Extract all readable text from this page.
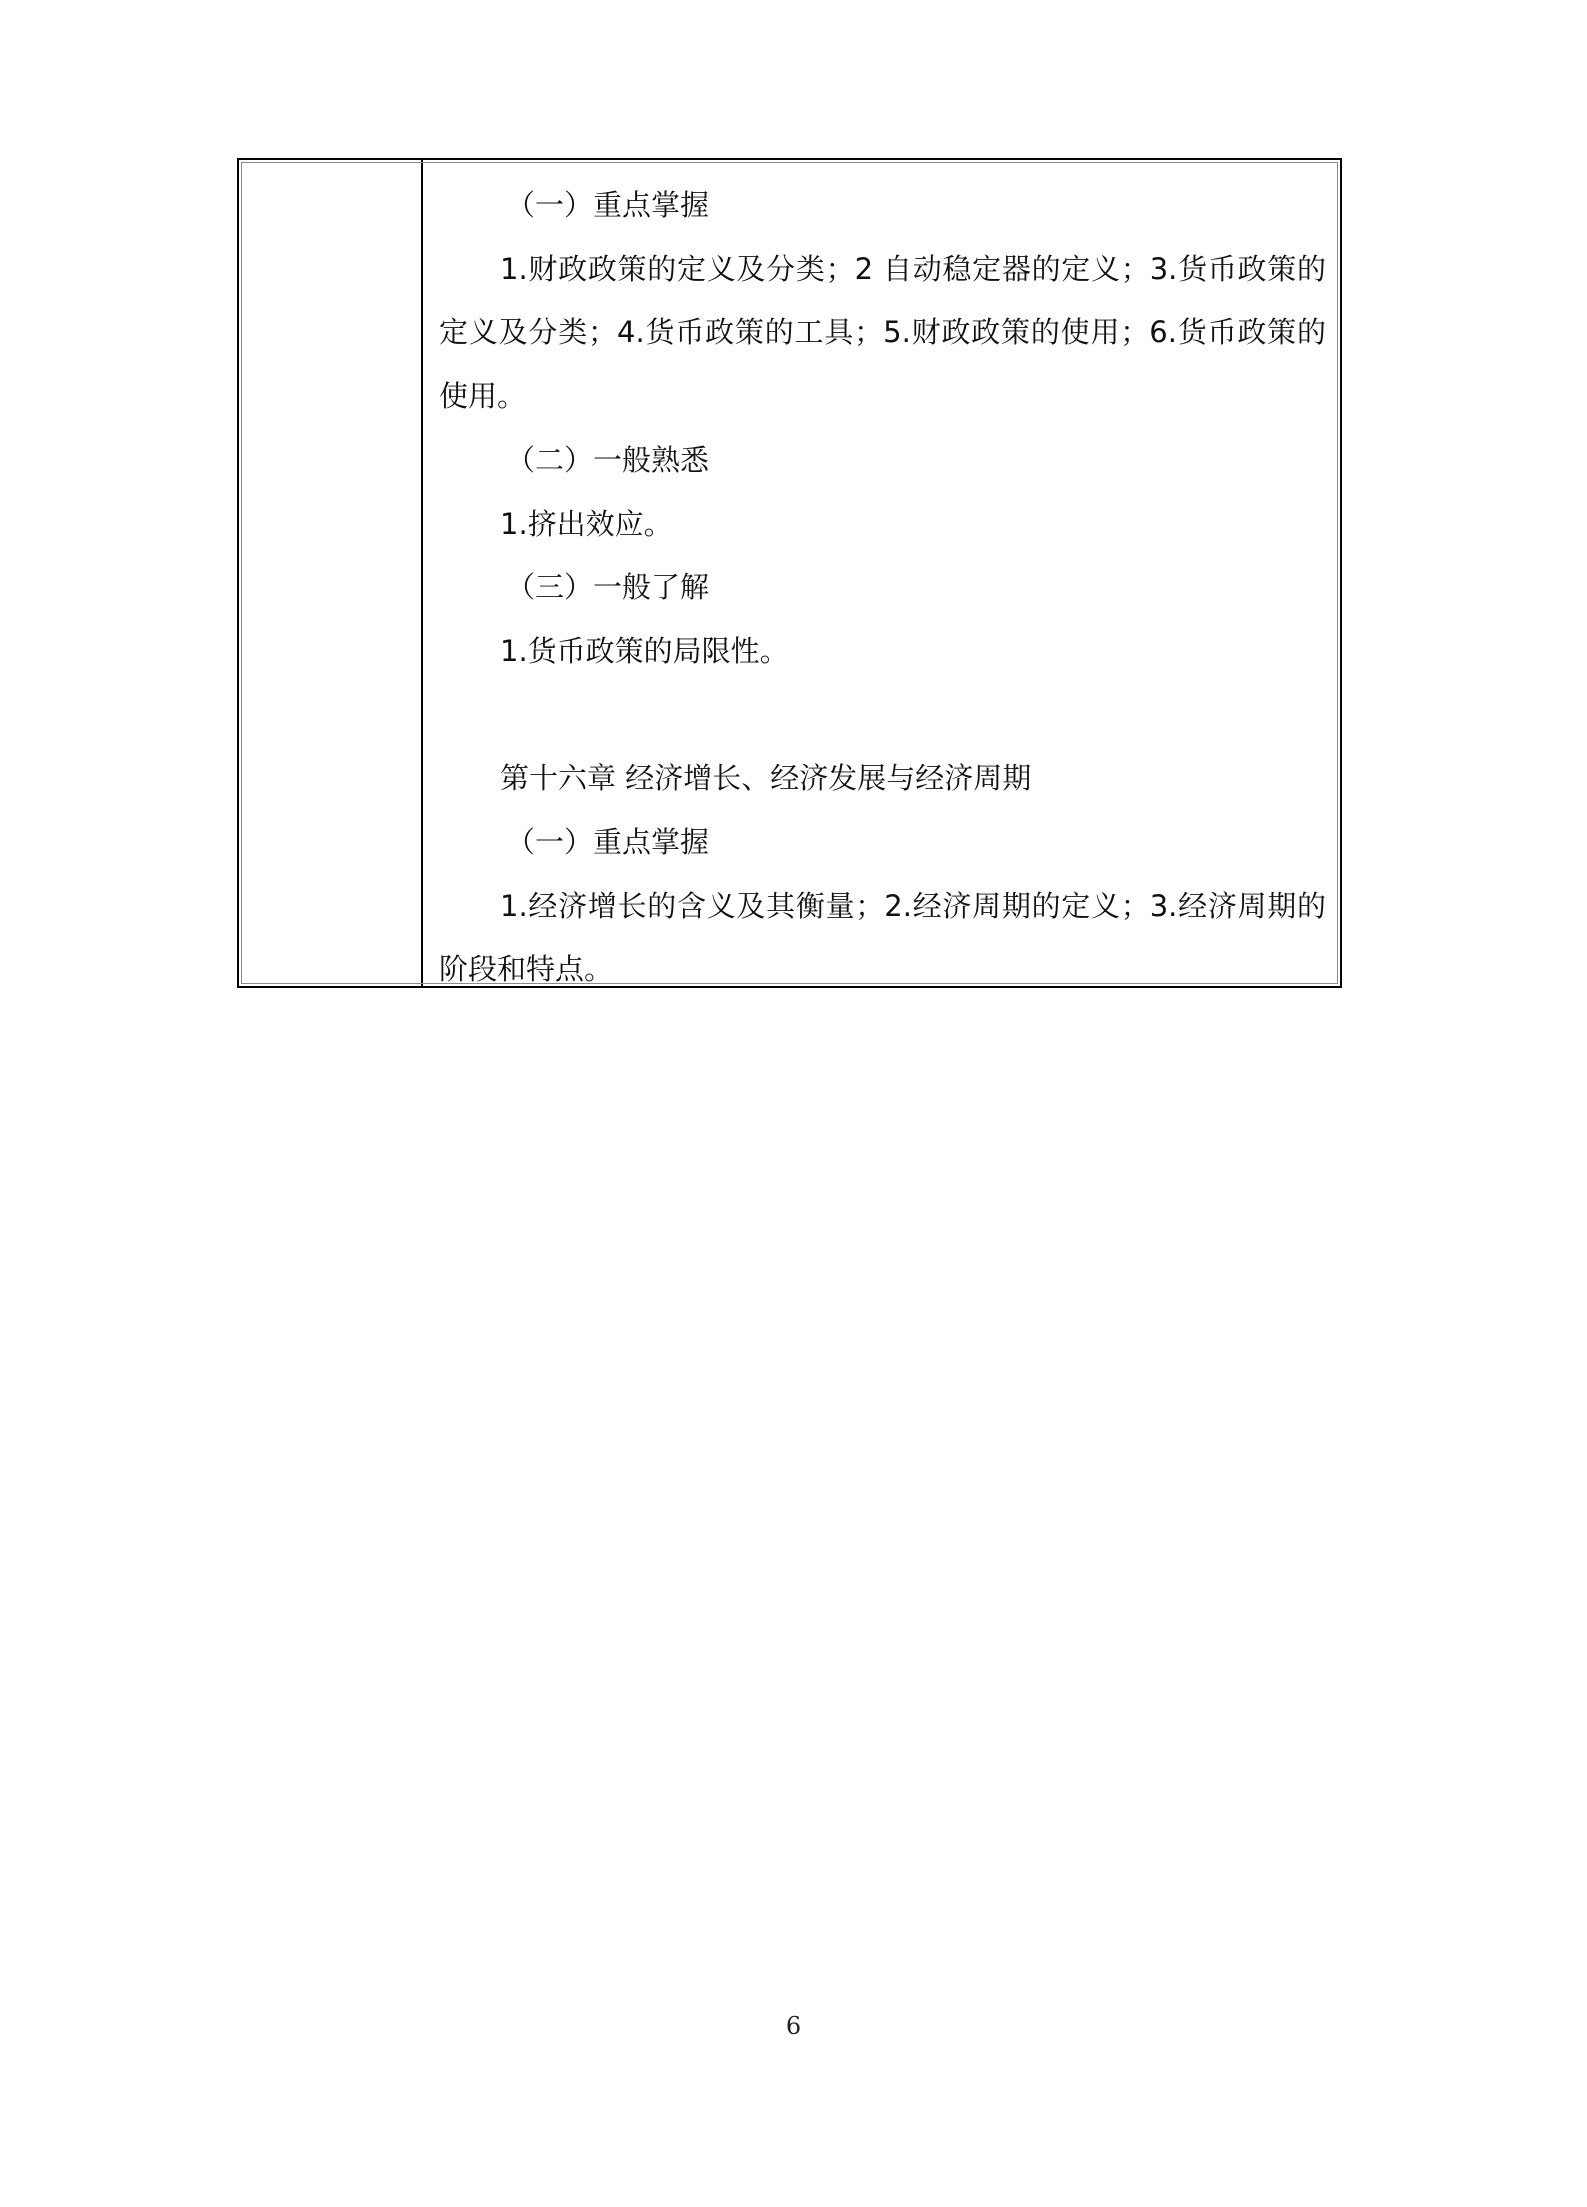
（一）重点掌握
1.财政政策的定义及分类；2 自动稳定器的定义；3.货币政策的定义及分类；4.货币政策的工具；5.财政政策的使用；6.货币政策的使用。
（二）一般熟悉
1.挤出效应。
（三）一般了解
1.货币政策的局限性。
第十六章 经济增长、经济发展与经济周期
（一）重点掌握
1.经济增长的含义及其衡量；2.经济周期的定义；3.经济周期的阶段和特点。
6
